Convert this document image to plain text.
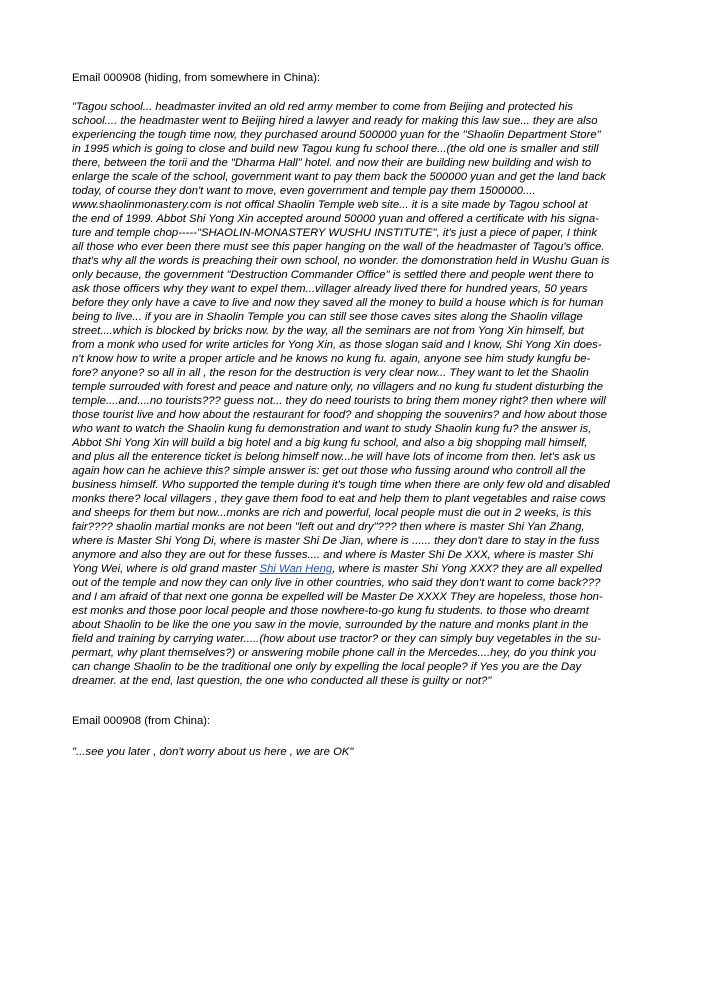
Email 000908 (hiding, from somewhere in China):
"Tagou school... headmaster invited an old red army member to come from Beijing and protected his
school.... the headmaster went to Beijing hired a lawyer and ready for making this law sue... they are also
experiencing the tough time now, they purchased around 500000 yuan for the "Shaolin Department Store"
in 1995 which is going to close and build new Tagou kung fu school there...(the old one is smaller and still
there, between the torii and the "Dharma Hall" hotel. and now their are building new building and wish to
enlarge the scale of the school, government want to pay them back the 500000 yuan and get the land back
today, of course they don't want to move, even government and temple pay them 1500000....
www.shaolinmonastery.com is not offical Shaolin Temple web site... it is a site made by Tagou school at
the end of 1999. Abbot Shi Yong Xin accepted around 50000 yuan and offered a certificate with his signa-
ture and temple chop-----"SHAOLIN-MONASTERY WUSHU INSTITUTE", it's just a piece of paper, I think
all those who ever been there must see this paper hanging on the wall of the headmaster of Tagou's office.
that's why all the words is preaching their own school, no wonder. the domonstration held in Wushu Guan is
only because, the government "Destruction Commander Office" is settled there and people went there to
ask those officers why they want to expel them...villager already lived there for hundred years, 50 years
before they only have a cave to live and now they saved all the money to build a house which is for human
being to live... if you are in Shaolin Temple you can still see those caves sites along the Shaolin village
street....which is blocked by bricks now. by the way, all the seminars are not from Yong Xin himself, but
from a monk who used for write articles for Yong Xin, as those slogan said and I know, Shi Yong Xin does-
n't know how to write a proper article and he knows no kung fu. again, anyone see him study kungfu be-
fore? anyone? so all in all , the reson for the destruction is very clear now... They want to let the Shaolin
temple surrouded with forest and peace and nature only, no villagers and no kung fu student disturbing the
temple....and....no tourists??? guess not... they do need tourists to bring them money right? then where will
those tourist live and how about the restaurant for food? and shopping the souvenirs? and how about those
who want to watch the Shaolin kung fu demonstration and want to study Shaolin kung fu? the answer is,
Abbot Shi Yong Xin will build a big hotel and a big kung fu school, and also a big shopping mall himself,
and plus all the enterence ticket is belong himself now...he will have lots of income from then. let's ask us
again how can he achieve this? simple answer is: get out those who fussing around who controll all the
business himself. Who supported the temple during it's tough time when there are only few old and disabled
monks there? local villagers , they gave them food to eat and help them to plant vegetables and raise cows
and sheeps for them but now...monks are rich and powerful, local people must die out in 2 weeks, is this
fair???? shaolin martial monks are not been "left out and dry"??? then where is master Shi Yan Zhang,
where is Master Shi Yong Di, where is master Shi De Jian, where is ...... they don't dare to stay in the fuss
anymore and also they are out for these fusses.... and where is Master Shi De XXX, where is master Shi
Yong Wei, where is old grand master Shi Wan Heng, where is master Shi Yong XXX? they are all expelled
out of the temple and now they can only live in other countries, who said they don't want to come back???
and I am afraid of that next one gonna be expelled will be Master De XXXX They are hopeless, those hon-
est monks and those poor local people and those nowhere-to-go kung fu students. to those who dreamt
about Shaolin to be like the one you saw in the movie, surrounded by the nature and monks plant in the
field and training by carrying water.....(how about use tractor? or they can simply buy vegetables in the su-
permart, why plant themselves?) or answering mobile phone call in the Mercedes....hey, do you think you
can change Shaolin to be the traditional one only by expelling the local people? if Yes you are the Day
dreamer. at the end, last question, the one who conducted all these is guilty or not?"
Email 000908 (from China):
"...see you later , don't worry about us here , we are OK"
